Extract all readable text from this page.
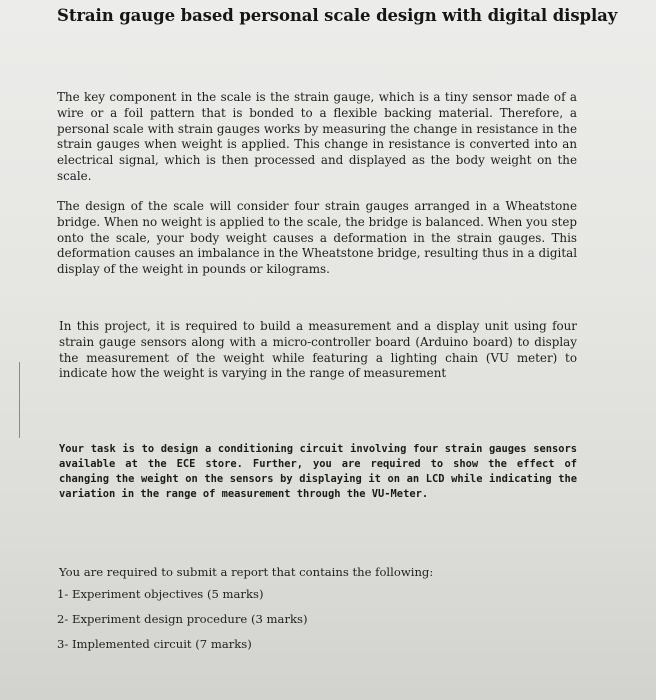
Strain gauge based personal scale design with digital display

The key component in the scale is the strain gauge, which is a tiny sensor made of a wire or a foil pattern that is bonded to a flexible backing material. Therefore, a personal scale with strain gauges works by measuring the change in resistance in the strain gauges when weight is applied. This change in resistance is converted into an electrical signal, which is then processed and displayed as the body weight on the scale.

The design of the scale will consider four strain gauges arranged in a Wheatstone bridge. When no weight is applied to the scale, the bridge is balanced. When you step onto the scale, your body weight causes a deformation in the strain gauges. This deformation causes an imbalance in the Wheatstone bridge, resulting thus in a digital display of the weight in pounds or kilograms.

In this project, it is required to build a measurement and a display unit using four strain gauge sensors along with a micro-controller board (Arduino board) to display the measurement of the weight while featuring a lighting chain (VU meter) to indicate how the weight is varying in the range of measurement

Your task is to design a conditioning circuit involving four strain gauges sensors available at the ECE store. Further, you are required to show the effect of changing the weight on the sensors by displaying it on an LCD while indicating the variation in the range of measurement through the VU-Meter.

You are required to submit a report that contains the following:

1- Experiment objectives (5 marks)
2- Experiment design procedure (3 marks)
3- Implemented circuit (7 marks)
